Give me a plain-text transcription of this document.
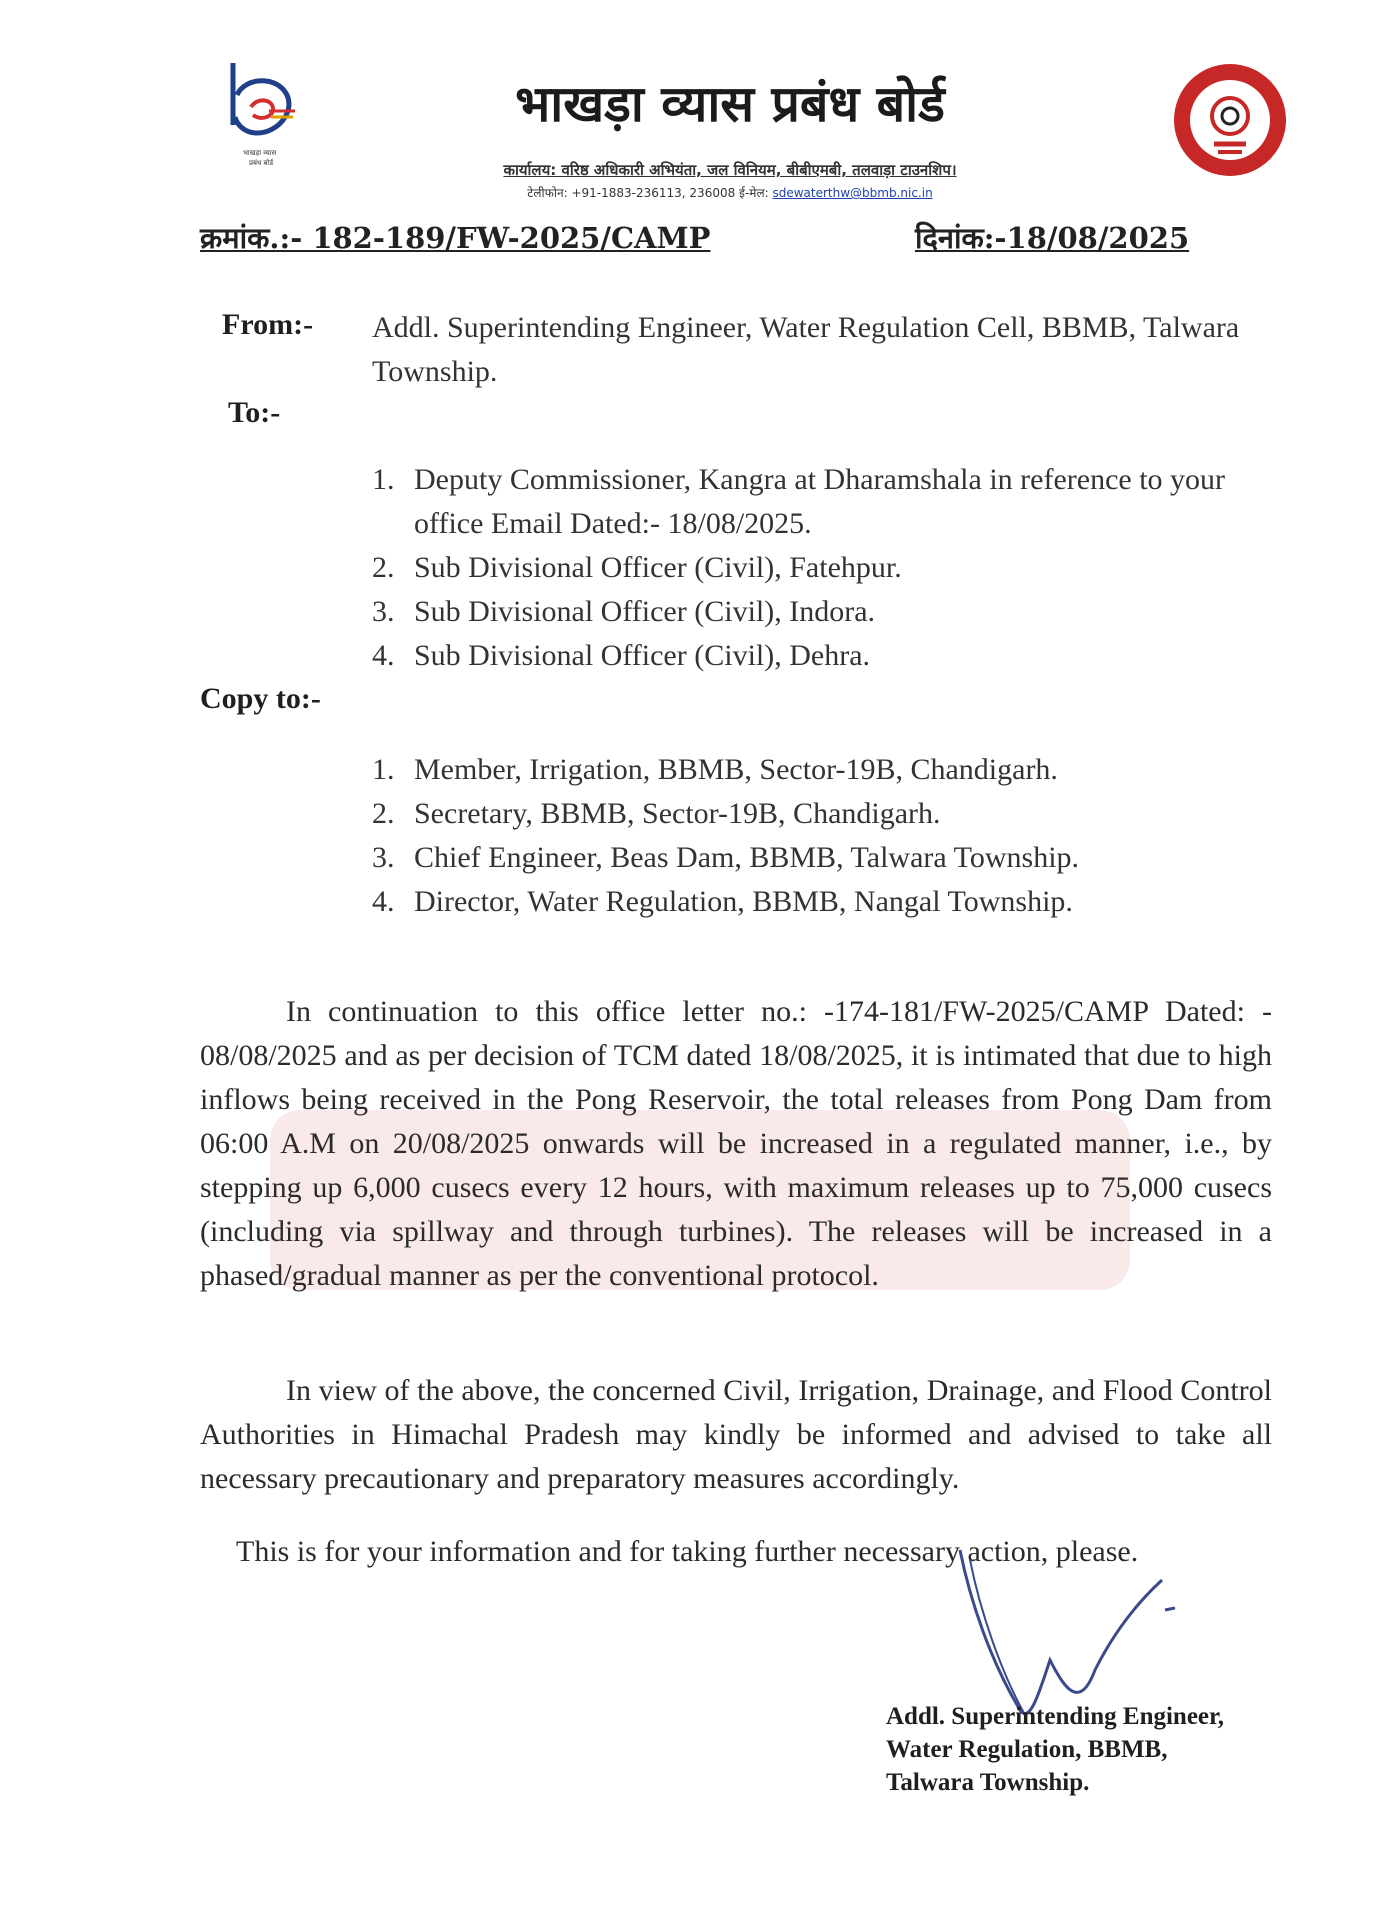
भाखड़ा व्यास
प्रबंध बोर्ड
भाखड़ा व्यास प्रबंध बोर्ड
कार्यालय: वरिष्ठ अधिकारी अभियंता, जल विनियम, बीबीएमबी, तलवाड़ा टाउनशिप।
टेलीफोन: +91-1883-236113, 236008 ई-मेल: sdewaterthw@bbmb.nic.in
क्रमांक.:- 182-189/FW-2025/CAMP	दिनांक:-18/08/2025
From:- Addl. Superintending Engineer, Water Regulation Cell, BBMB, Talwara Township.
To:-
1. Deputy Commissioner, Kangra at Dharamshala in reference to your office Email Dated:- 18/08/2025.
2. Sub Divisional Officer (Civil), Fatehpur.
3. Sub Divisional Officer (Civil), Indora.
4. Sub Divisional Officer (Civil), Dehra.
Copy to:-
1. Member, Irrigation, BBMB, Sector-19B, Chandigarh.
2. Secretary, BBMB, Sector-19B, Chandigarh.
3. Chief Engineer, Beas Dam, BBMB, Talwara Township.
4. Director, Water Regulation, BBMB, Nangal Township.

In continuation to this office letter no.: -174-181/FW-2025/CAMP Dated: - 08/08/2025 and as per decision of TCM dated 18/08/2025, it is intimated that due to high inflows being received in the Pong Reservoir, the total releases from Pong Dam from 06:00 A.M on 20/08/2025 onwards will be increased in a regulated manner, i.e., by stepping up 6,000 cusecs every 12 hours, with maximum releases up to 75,000 cusecs (including via spillway and through turbines). The releases will be increased in a phased/gradual manner as per the conventional protocol.

In view of the above, the concerned Civil, Irrigation, Drainage, and Flood Control Authorities in Himachal Pradesh may kindly be informed and advised to take all necessary precautionary and preparatory measures accordingly.

This is for your information and for taking further necessary action, please.
Addl. Superintending Engineer,
Water Regulation, BBMB,
Talwara Township.
